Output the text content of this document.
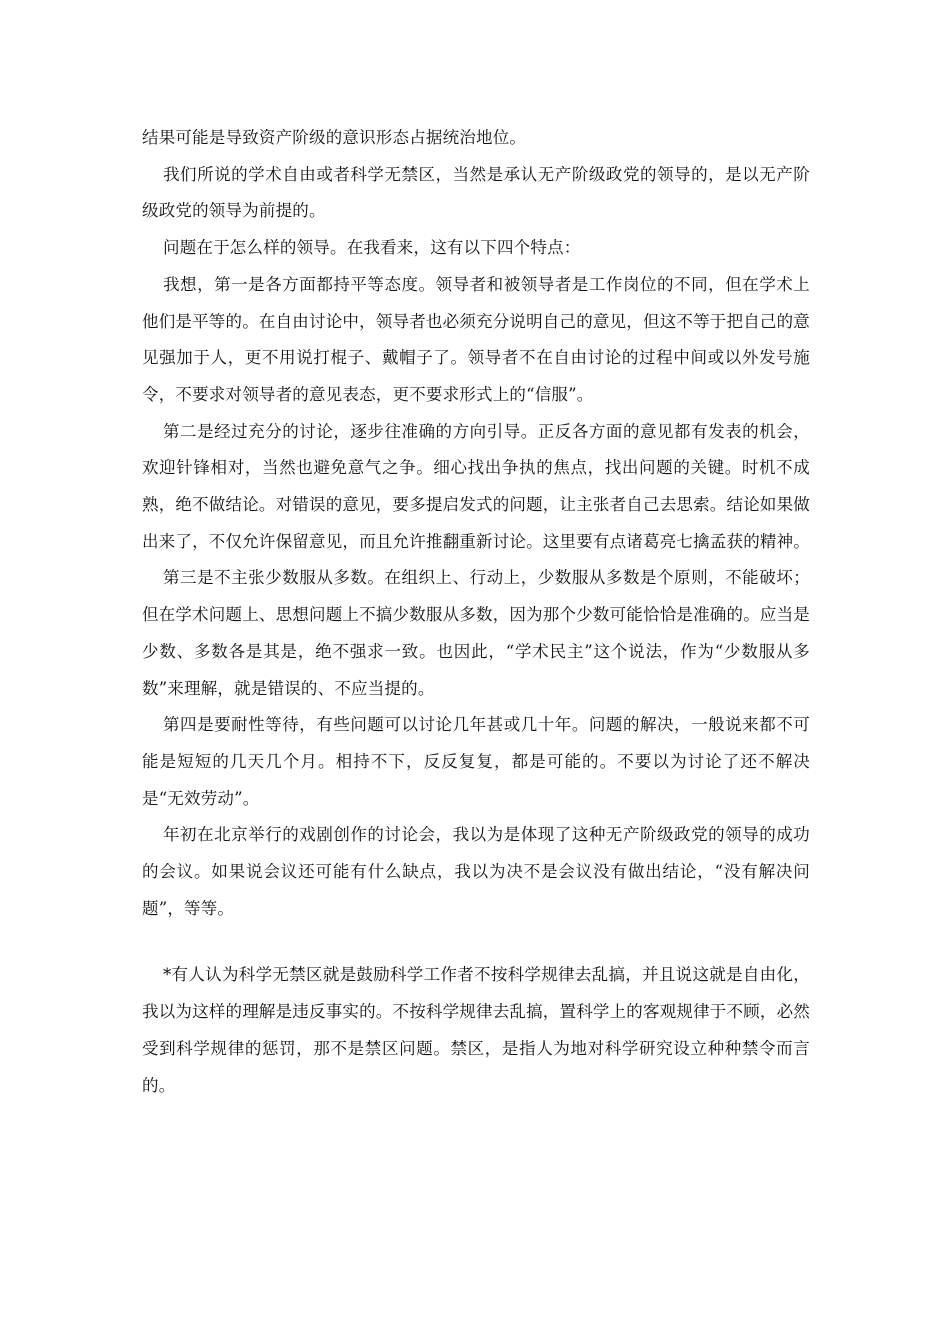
结果可能是导致资产阶级的意识形态占据统治地位。

我们所说的学术自由或者科学无禁区，当然是承认无产阶级政党的领导的，是以无产阶级政党的领导为前提的。

问题在于怎么样的领导。在我看来，这有以下四个特点：

我想，第一是各方面都持平等态度。领导者和被领导者是工作岗位的不同，但在学术上他们是平等的。在自由讨论中，领导者也必须充分说明自己的意见，但这不等于把自己的意见强加于人，更不用说打棍子、戴帽子了。领导者不在自由讨论的过程中间或以外发号施令，不要求对领导者的意见表态，更不要求形式上的“信服”。

第二是经过充分的讨论，逐步往准确的方向引导。正反各方面的意见都有发表的机会，欢迎针锋相对，当然也避免意气之争。细心找出争执的焦点，找出问题的关键。时机不成熟，绝不做结论。对错误的意见，要多提启发式的问题，让主张者自己去思索。结论如果做出来了，不仅允许保留意见，而且允许推翻重新讨论。这里要有点诸葛亮七擒孟获的精神。

第三是不主张少数服从多数。在组织上、行动上，少数服从多数是个原则，不能破坏；但在学术问题上、思想问题上不搞少数服从多数，因为那个少数可能恰恰是准确的。应当是少数、多数各是其是，绝不强求一致。也因此，“学术民主”这个说法，作为“少数服从多数”来理解，就是错误的、不应当提的。

第四是要耐性等待，有些问题可以讨论几年甚或几十年。问题的解决，一般说来都不可能是短短的几天几个月。相持不下，反反复复，都是可能的。不要以为讨论了还不解决是“无效劳动”。

年初在北京举行的戏剧创作的讨论会，我以为是体现了这种无产阶级政党的领导的成功的会议。如果说会议还可能有什么缺点，我以为决不是会议没有做出结论，“没有解决问题”，等等。

*有人认为科学无禁区就是鼓励科学工作者不按科学规律去乱搞，并且说这就是自由化，我以为这样的理解是违反事实的。不按科学规律去乱搞，置科学上的客观规律于不顾，必然受到科学规律的惩罚，那不是禁区问题。禁区，是指人为地对科学研究设立种种禁令而言的。
